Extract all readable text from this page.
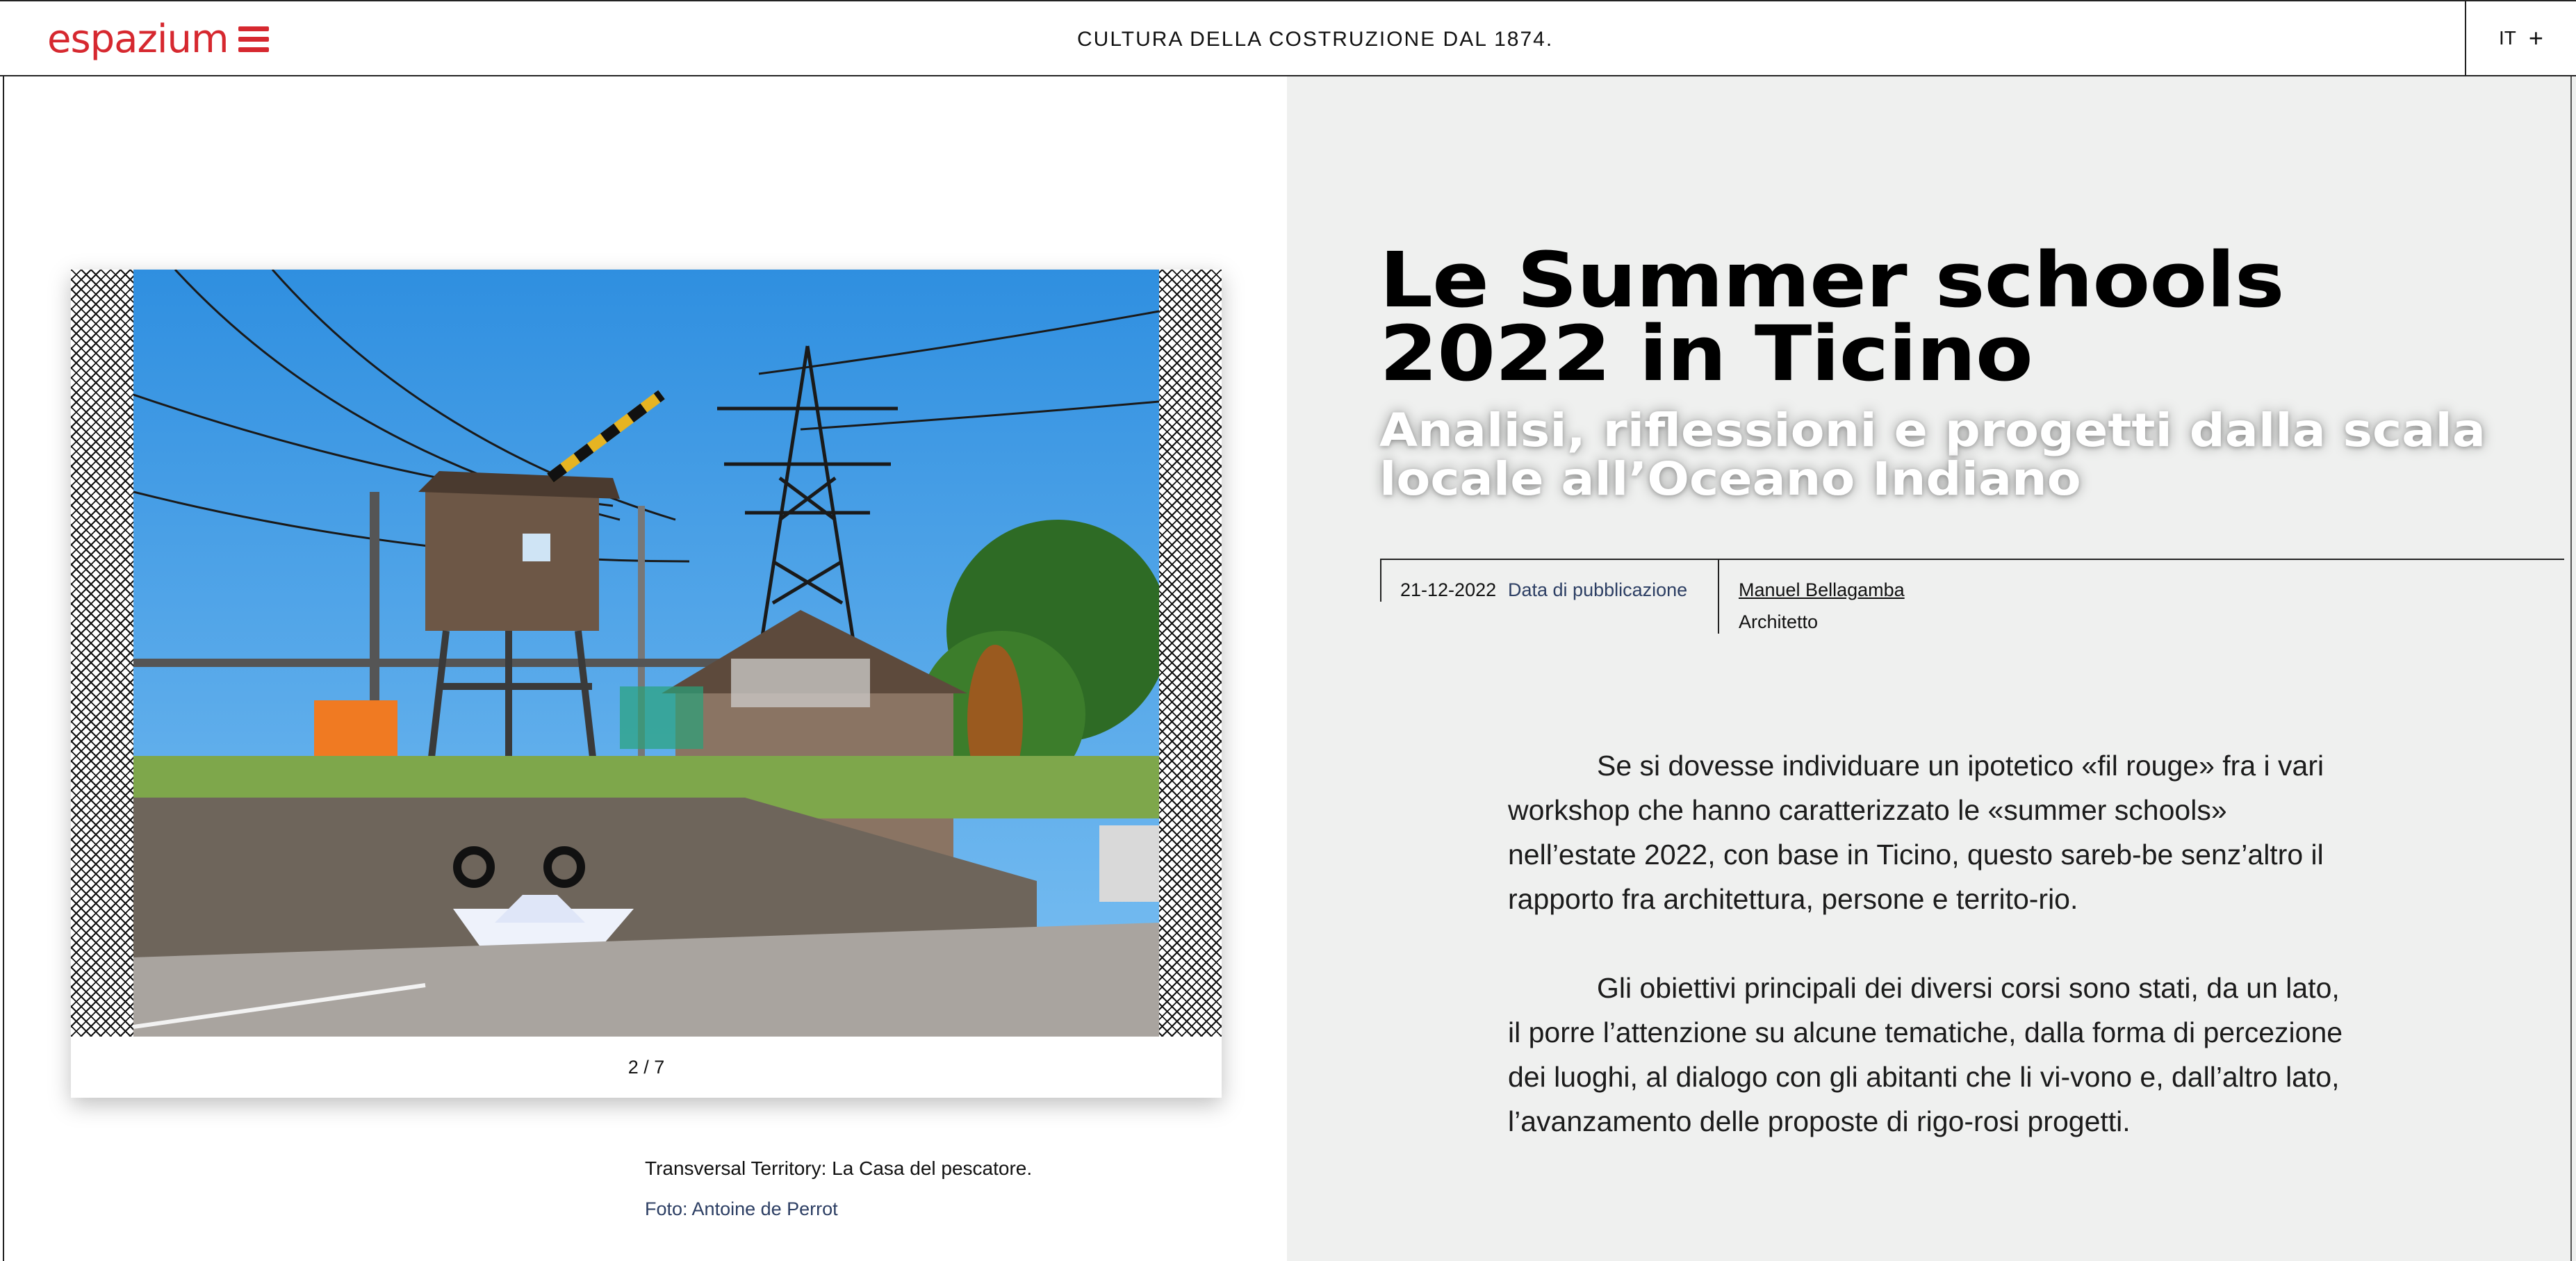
espazium	CULTURA DELLA COSTRUZIONE DAL 1874.	IT +
Le Summer schools 2022 in Ticino
Analisi, riflessioni e progetti dalla scala locale all’Oceano Indiano
21-12-2022 Data di pubblicazione	Manuel Bellagamba
Architetto

Se si dovesse individuare un ipotetico «fil rouge» fra i vari workshop che hanno caratterizzato le «summer schools» nell’estate 2022, con base in Ticino, questo sareb-be senz’altro il rapporto fra architettura, persone e territo-rio.

Gli obiettivi principali dei diversi corsi sono stati, da un lato, il porre l’attenzione su alcune tematiche, dalla forma di percezione dei luoghi, al dialogo con gli abitanti che li vi-vono e, dall’altro lato, l’avanzamento delle proposte di rigo-rosi progetti.

2 / 7
Transversal Territory: La Casa del pescatore.
Foto: Antoine de Perrot
